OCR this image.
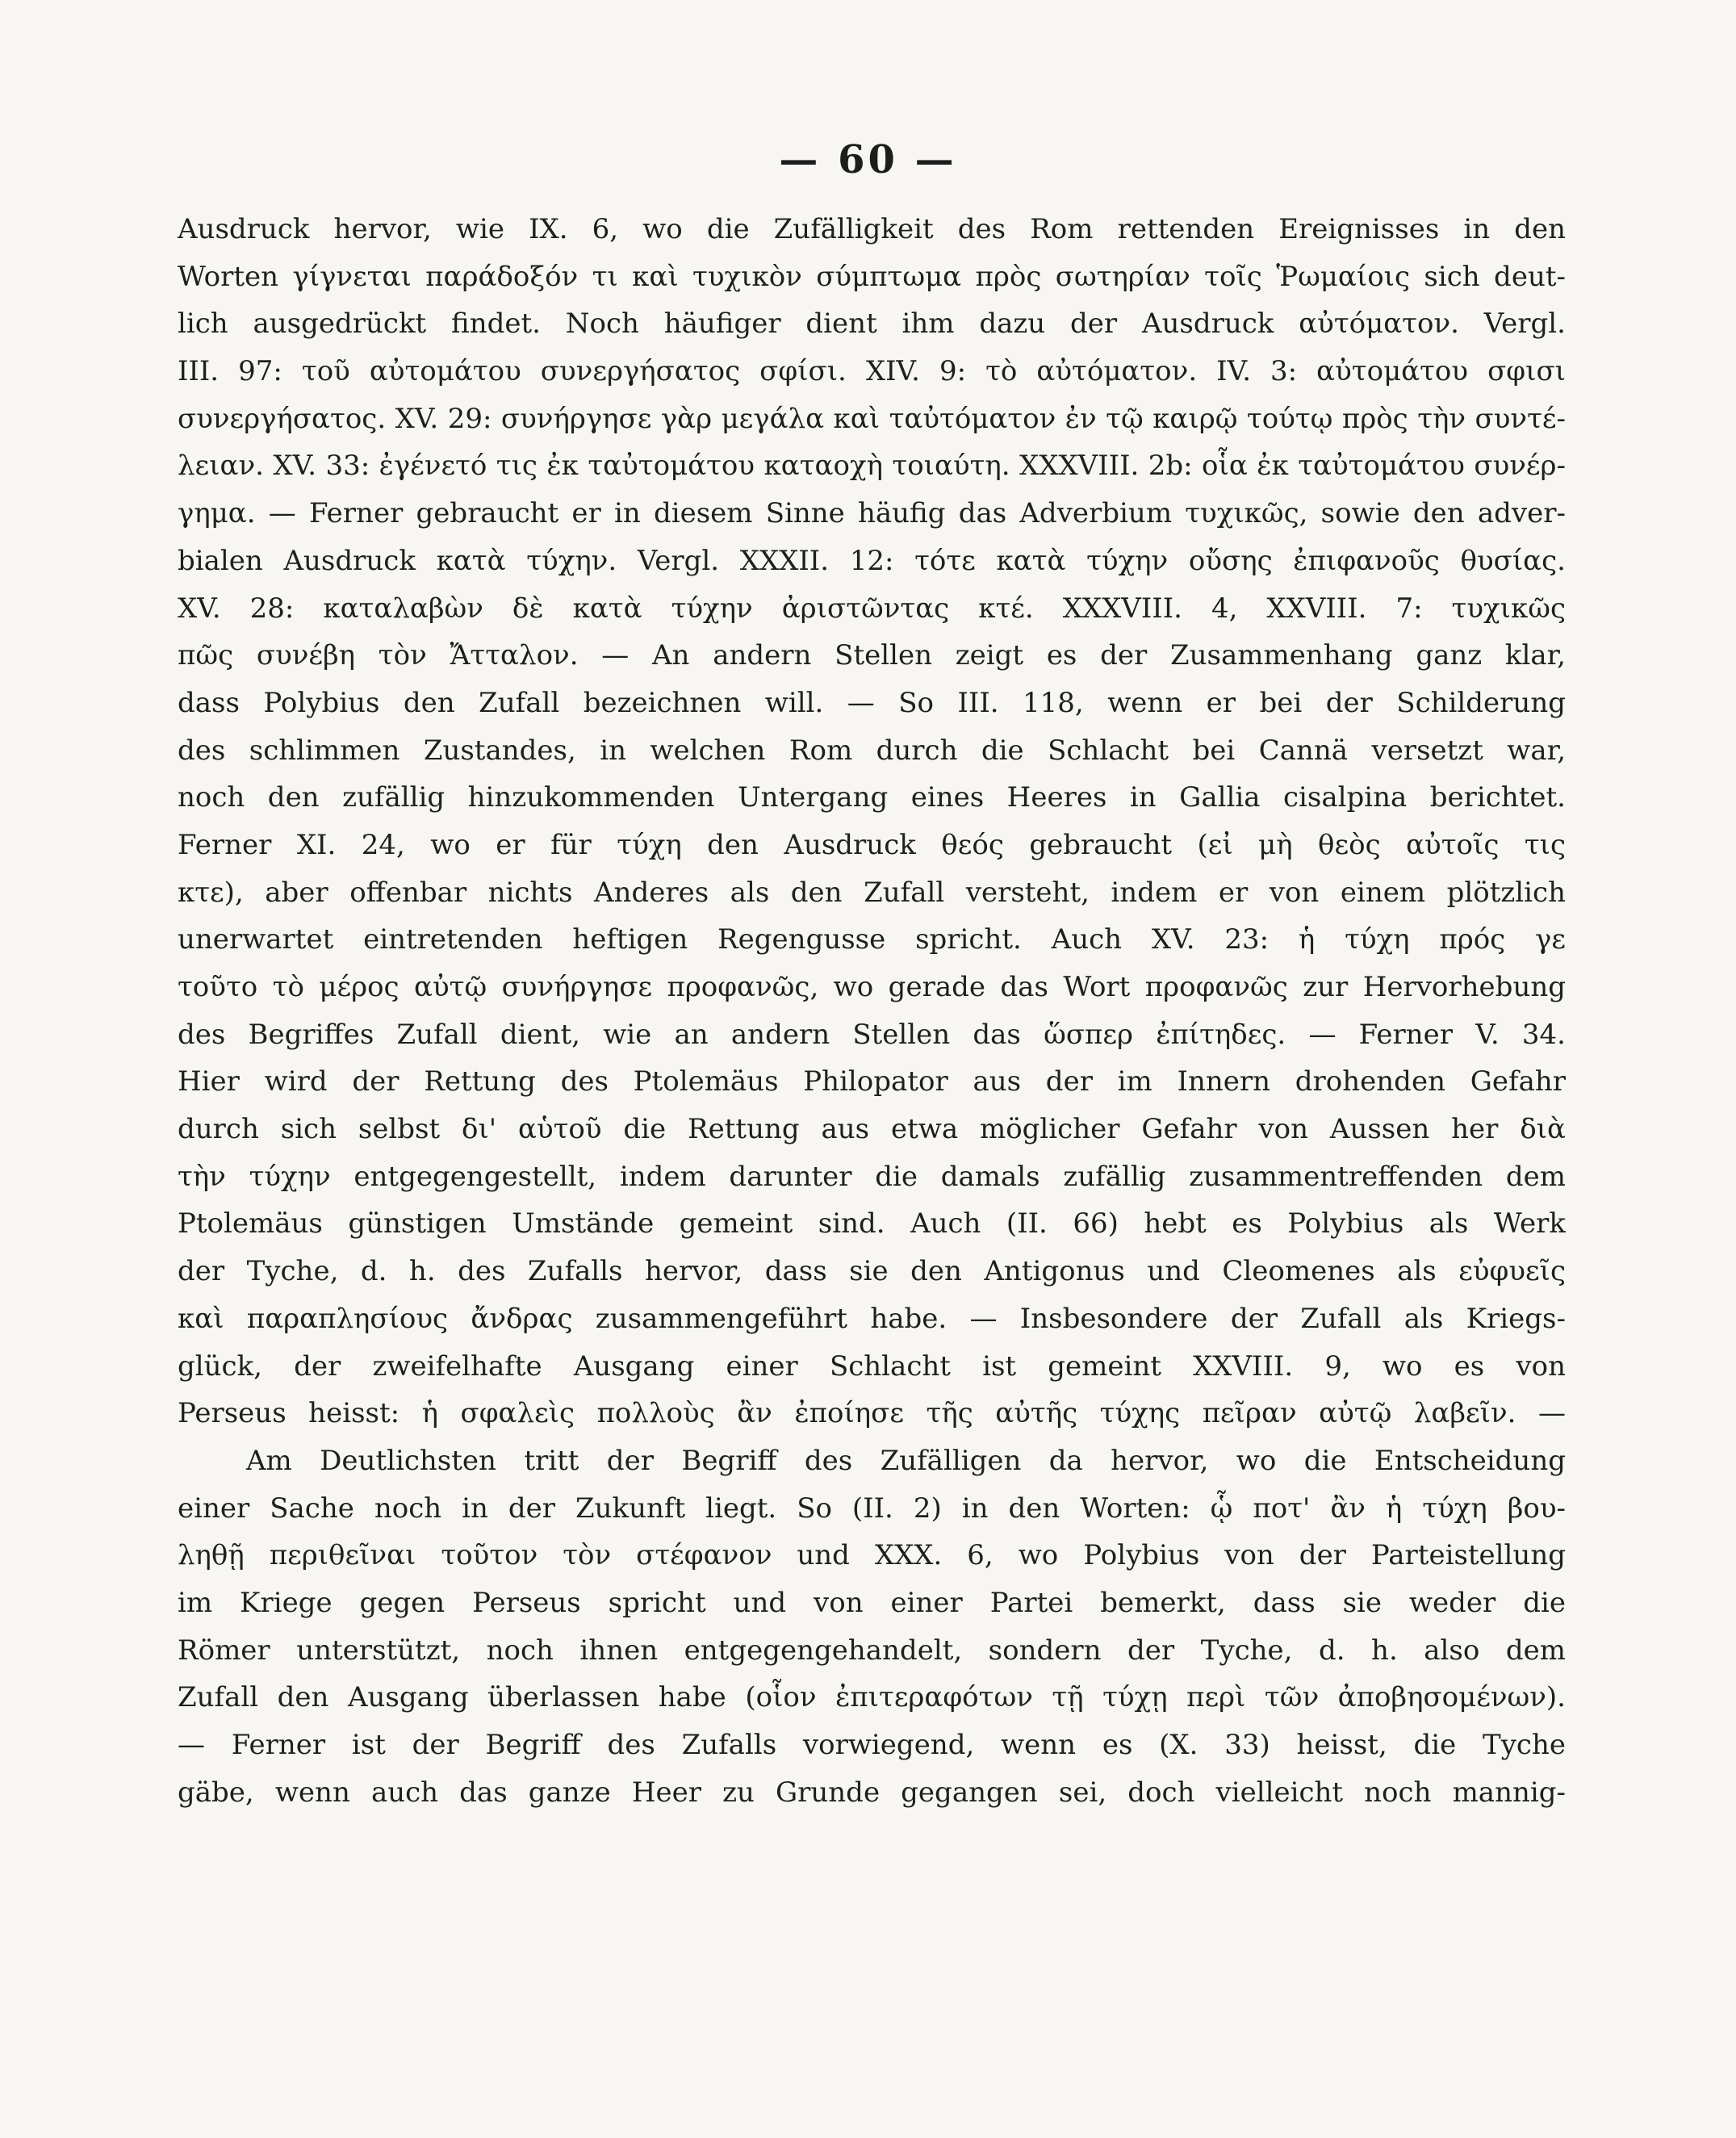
— 60 —
Ausdruck hervor, wie IX. 6, wo die Zufälligkeit des Rom rettenden Ereignisses in den
Worten γίγνεται παράδοξόν τι καὶ τυχικὸν σύμπτωμα πρὸς σωτηρίαν τοῖς Ῥωμαίοις sich deut-
lich ausgedrückt findet. Noch häufiger dient ihm dazu der Ausdruck αὐτόματον. Vergl.
III. 97: τοῦ αὐτομάτου συνεργήσατος σφίσι. XIV. 9: τὸ αὐτόματον. IV. 3: αὐτομάτου σφισι
συνεργήσατος. XV. 29: συνήργησε γὰρ μεγάλα καὶ ταὐτόματον ἐν τῷ καιρῷ τούτῳ πρὸς τὴν συντέ-
λειαν. XV. 33: ἐγένετό τις ἐκ ταὐτομάτου καταοχὴ τοιαύτη. XXXVIII. 2b: οἷα ἐκ ταὐτομάτου συνέρ-
γημα. — Ferner gebraucht er in diesem Sinne häufig das Adverbium τυχικῶς, sowie den adver-
bialen Ausdruck κατὰ τύχην. Vergl. XXXII. 12: τότε κατὰ τύχην οὔσης ἐπιφανοῦς θυσίας.
XV. 28: καταλαβὼν δὲ κατὰ τύχην ἀριστῶντας κτέ. XXXVIII. 4, XXVIII. 7: τυχικῶς
πῶς συνέβη τὸν Ἄτταλον. — An andern Stellen zeigt es der Zusammenhang ganz klar,
dass Polybius den Zufall bezeichnen will. — So III. 118, wenn er bei der Schilderung
des schlimmen Zustandes, in welchen Rom durch die Schlacht bei Cannä versetzt war,
noch den zufällig hinzukommenden Untergang eines Heeres in Gallia cisalpina berichtet.
Ferner XI. 24, wo er für τύχη den Ausdruck θεός gebraucht (εἰ μὴ θεὸς αὐτοῖς τις
κτε), aber offenbar nichts Anderes als den Zufall versteht, indem er von einem plötzlich
unerwartet eintretenden heftigen Regengusse spricht. Auch XV. 23: ἡ τύχη πρός γε
τοῦτο τὸ μέρος αὐτῷ συνήργησε προφανῶς, wo gerade das Wort προφανῶς zur Hervorhebung
des Begriffes Zufall dient, wie an andern Stellen das ὥσπερ ἐπίτηδες. — Ferner V. 34.
Hier wird der Rettung des Ptolemäus Philopator aus der im Innern drohenden Gefahr
durch sich selbst δι' αὑτοῦ die Rettung aus etwa möglicher Gefahr von Aussen her διὰ
τὴν τύχην entgegengestellt, indem darunter die damals zufällig zusammentreffenden dem
Ptolemäus günstigen Umstände gemeint sind. Auch (II. 66) hebt es Polybius als Werk
der Tyche, d. h. des Zufalls hervor, dass sie den Antigonus und Cleomenes als εὐφυεῖς
καὶ παραπλησίους ἄνδρας zusammengeführt habe. — Insbesondere der Zufall als Kriegs-
glück, der zweifelhafte Ausgang einer Schlacht ist gemeint XXVIII. 9, wo es von
Perseus heisst: ἡ σφαλεὶς πολλοὺς ἂν ἐποίησε τῆς αὐτῆς τύχης πεῖραν αὐτῷ λαβεῖν. —
Am Deutlichsten tritt der Begriff des Zufälligen da hervor, wo die Entscheidung
einer Sache noch in der Zukunft liegt. So (II. 2) in den Worten: ᾧ ποτ' ἂν ἡ τύχη βου-
ληθῇ περιθεῖναι τοῦτον τὸν στέφανον und XXX. 6, wo Polybius von der Parteistellung
im Kriege gegen Perseus spricht und von einer Partei bemerkt, dass sie weder die
Römer unterstützt, noch ihnen entgegengehandelt, sondern der Tyche, d. h. also dem
Zufall den Ausgang überlassen habe (οἷον ἐπιτεραφότων τῇ τύχῃ περὶ τῶν ἀποβησομένων).
— Ferner ist der Begriff des Zufalls vorwiegend, wenn es (X. 33) heisst, die Tyche
gäbe, wenn auch das ganze Heer zu Grunde gegangen sei, doch vielleicht noch mannig-
